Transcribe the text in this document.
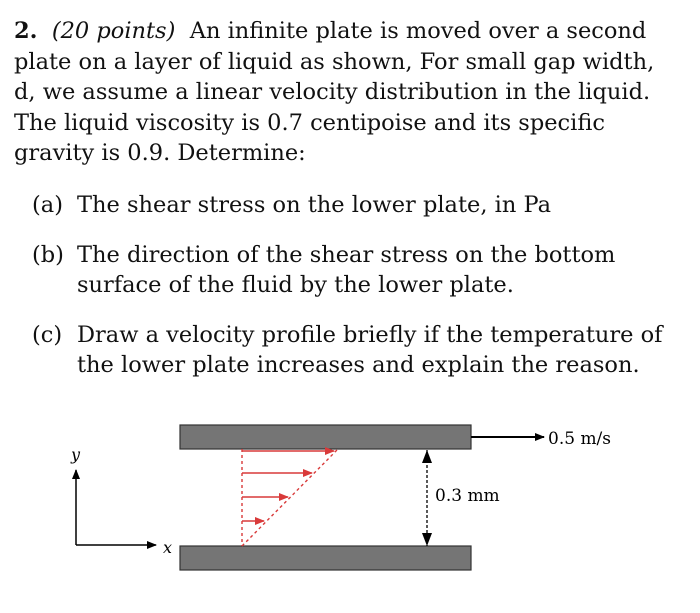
2. (20 points) An infinite plate is moved over a second plate on a layer of liquid as shown, For small gap width, d, we assume a linear velocity distribution in the liquid. The liquid viscosity is 0.7 centipoise and its specific gravity is 0.9. Determine:

(a) The shear stress on the lower plate, in Pa
(b) The direction of the shear stress on the bottom surface of the fluid by the lower plate.
(c) Draw a velocity profile briefly if the temperature of the lower plate increases and explain the reason.
0.5 m/s
0.3 mm
y
x
